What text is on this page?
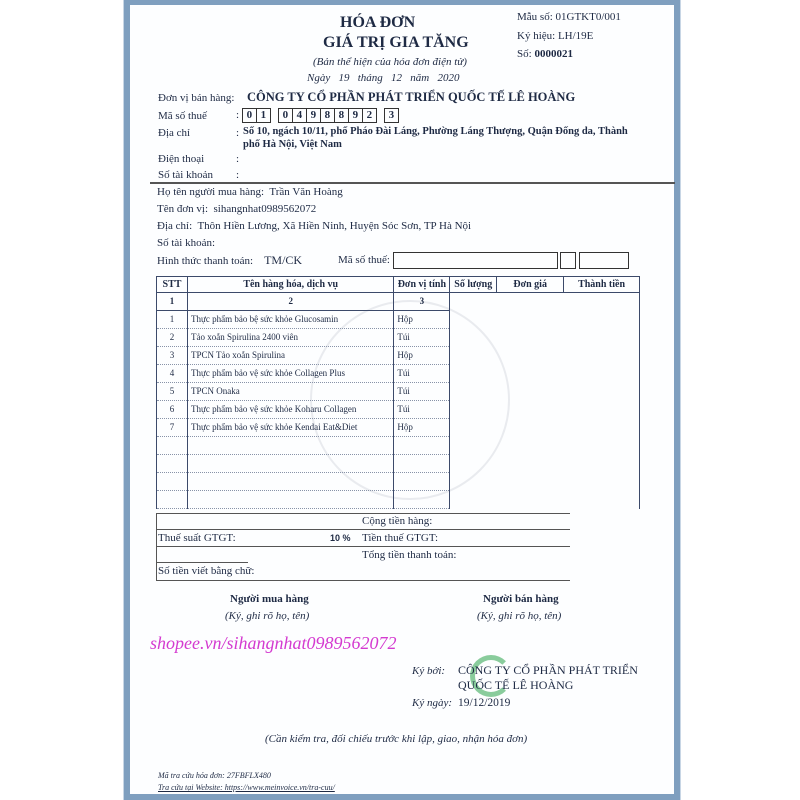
HÓA ĐƠN
GIÁ TRỊ GIA TĂNG
(Bản thể hiện của hóa đơn điện tử)
Ngày   19   tháng   12   năm   2020
Mẫu số: 01GTKT0/001
Ký hiệu: LH/19E
Số: 0000021
Đơn vị bán hàng: CÔNG TY CỔ PHẦN PHÁT TRIỂN QUỐC TẾ LÊ HOÀNG
Mã số thuế	: 0 1 0 4 9 8 8 9 2 3
Địa chỉ	: Số 10, ngách 10/11, phố Pháo Đài Láng, Phường Láng Thượng, Quận Đống da, Thành
phố Hà Nội, Việt Nam
Điện thoại	:
Số tài khoản :
Họ tên người mua hàng: Trần Văn Hoàng
Tên đơn vị: sihangnhat0989562072
Địa chỉ: Thôn Hiền Lương, Xã Hiền Ninh, Huyện Sóc Sơn, TP Hà Nội
Số tài khoản:
Hình thức thanh toán: TM/CK	Mã số thuế:
STT	Tên hàng hóa, dịch vụ	Đơn vị tính	Số lượng	Đơn giá	Thành tiền
1	2	3			
1	Thực phẩm bảo bệ sức khỏe Glucosamin	Hộp			
2	Tảo xoắn Spirulina 2400 viên	Túi			
3	TPCN Tảo xoắn Spirulina	Hộp			
4	Thực phẩm bảo vệ sức khỏe Collagen Plus	Túi			
5	TPCN Onaka	Túi			
6	Thực phẩm bảo vệ sức khỏe Koharu Collagen	Túi			
7	Thực phẩm bảo vệ sức khỏe Kendai Eat&Diet	Hộp			

Cộng tiền hàng:
Thuế suất GTGT:	10 % Tiền thuế GTGT:
Tổng tiền thanh toán:
Số tiền viết bằng chữ:
Người mua hàng
(Ký, ghi rõ họ, tên)
Người bán hàng
(Ký, ghi rõ họ, tên)
shopee.vn/sihangnhat0989562072
Ký bởi: CÔNG TY CỔ PHẦN PHÁT TRIỂN
QUỐC TẾ LÊ HOÀNG
Ký ngày: 19/12/2019
(Cần kiểm tra, đối chiếu trước khi lập, giao, nhận hóa đơn)
Mã tra cứu hóa đơn: 27FBFLX480
Tra cứu tại Website: https://www.meinvoice.vn/tra-cuu/
